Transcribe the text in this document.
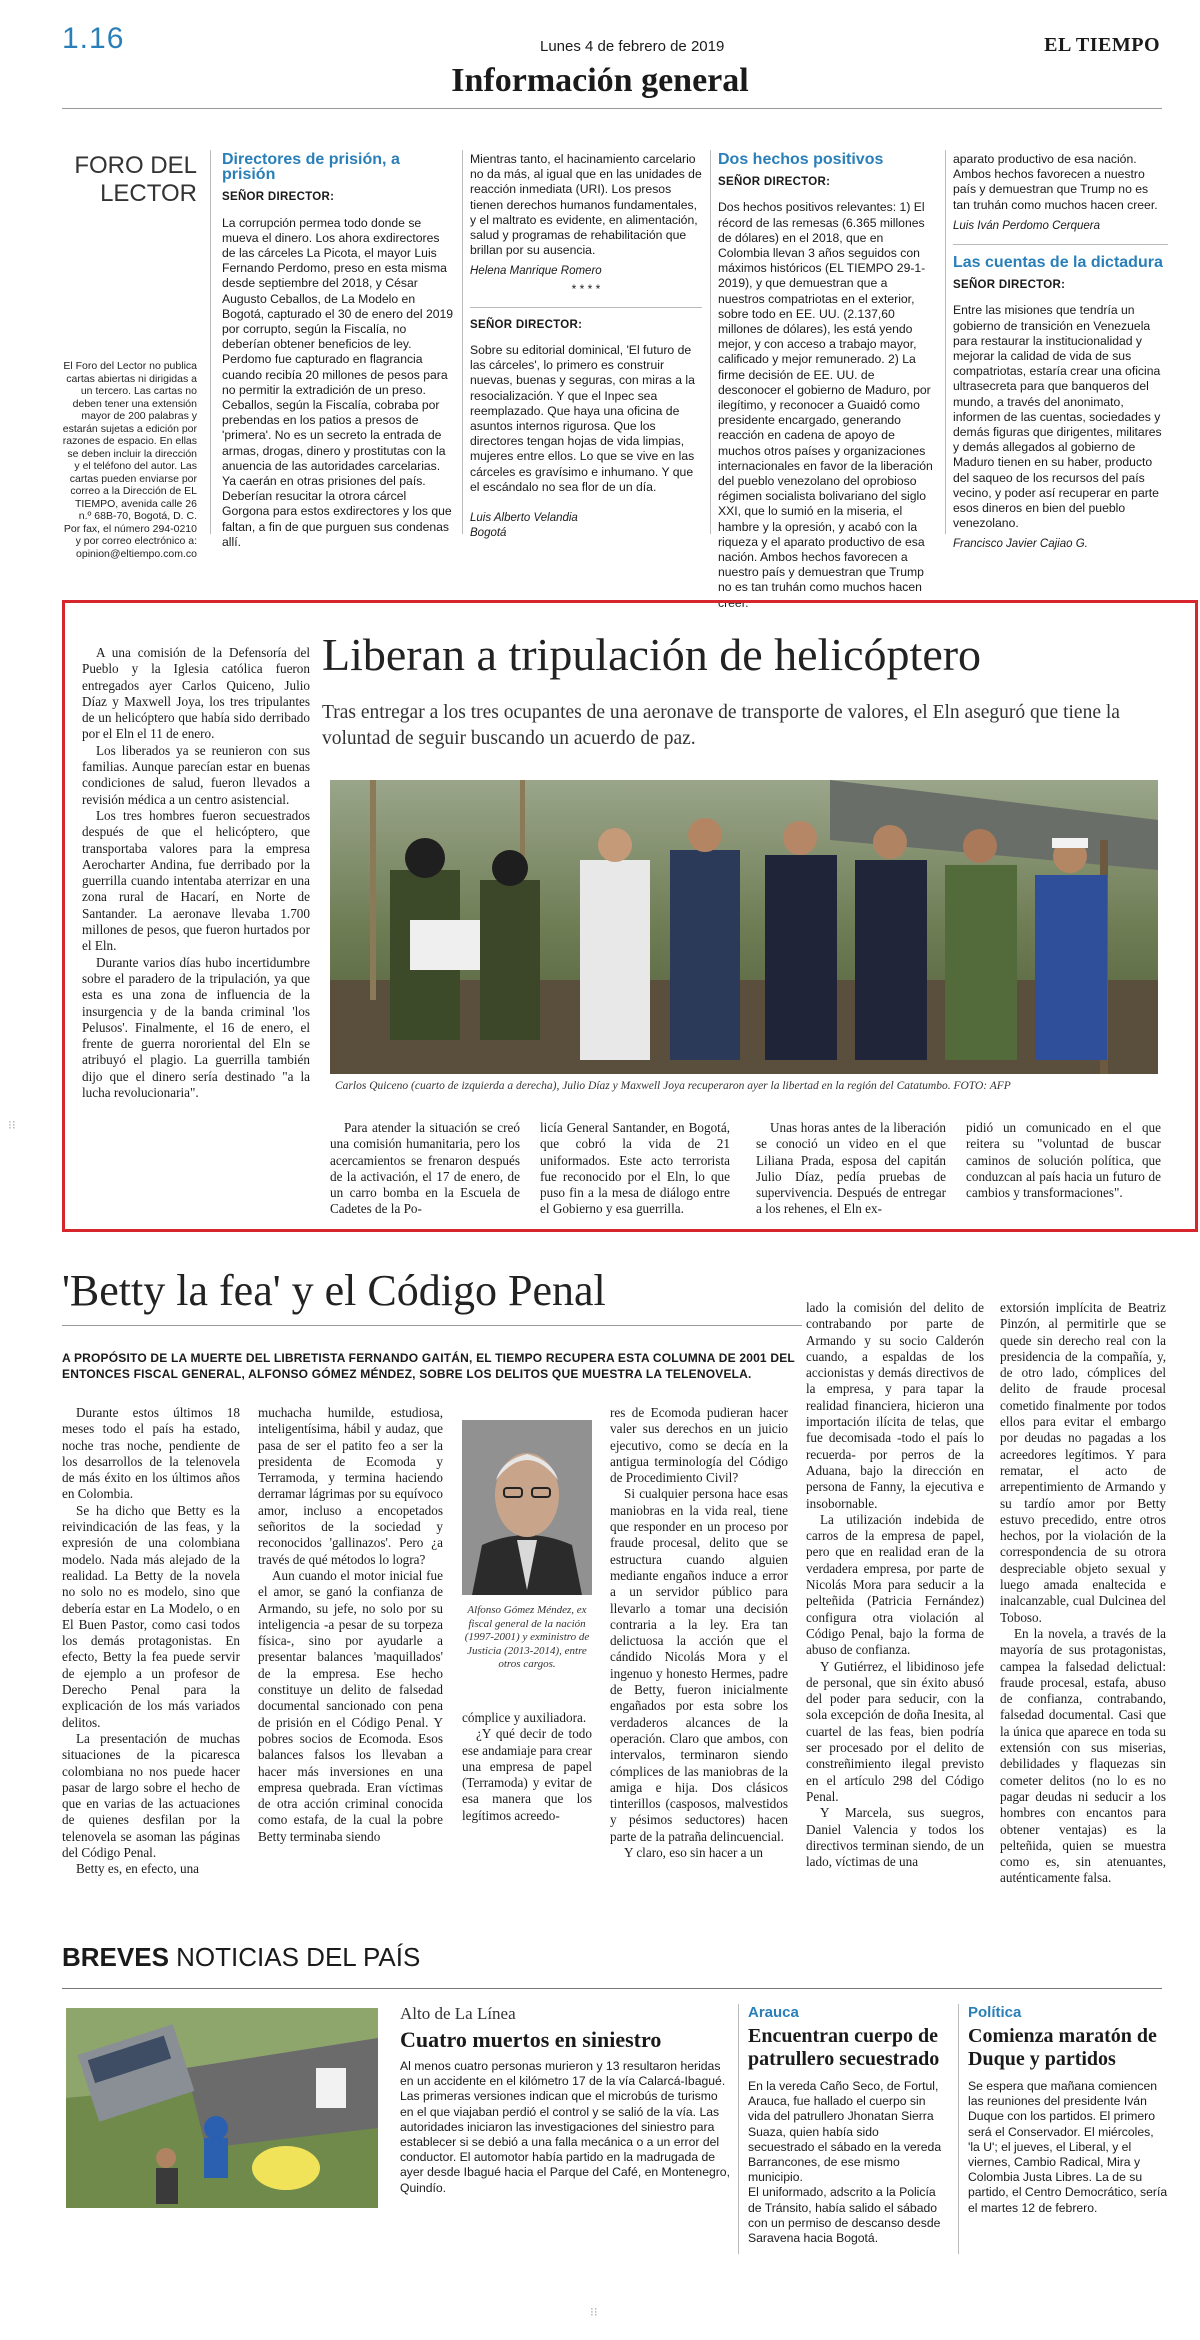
1.16	Lunes 4 de febrero de 2019	EL TIEMPO
Información general
FORO DEL LECTOR
El Foro del Lector no publica cartas abiertas ni dirigidas a un tercero. Las cartas no deben tener una extensión mayor de 200 palabras y estarán sujetas a edición por razones de espacio. En ellas se deben incluir la dirección y el teléfono del autor. Las cartas pueden enviarse por correo a la Dirección de EL TIEMPO, avenida calle 26 n.º 68B-70, Bogotá, D. C. Por fax, el número 294-0210 y por correo electrónico a: opinion@eltiempo.com.co
Directores de prisión, a prisión
SEÑOR DIRECTOR:
La corrupción permea todo donde se mueva el dinero. Los ahora exdirectores de las cárceles La Picota, el mayor Luis Fernando Perdomo, preso en esta misma desde septiembre del 2018, y César Augusto Ceballos, de La Modelo en Bogotá, capturado el 30 de enero del 2019 por corrupto, según la Fiscalía, no deberían obtener beneficios de ley. Perdomo fue capturado en flagrancia cuando recibía 20 millones de pesos para no permitir la extradición de un preso. Ceballos, según la Fiscalía, cobraba por prebendas en los patios a presos de 'primera'. No es un secreto la entrada de armas, drogas, dinero y prostitutas con la anuencia de las autoridades carcelarias. Ya caerán en otras prisiones del país. Deberían resucitar la otrora cárcel Gorgona para estos exdirectores y los que faltan, a fin de que purguen sus condenas allí.
Mientras tanto, el hacinamiento carcelario no da más, al igual que en las unidades de reacción inmediata (URI). Los presos tienen derechos humanos fundamentales, y el maltrato es evidente, en alimentación, salud y programas de rehabilitación que brillan por su ausencia.
Helena Manrique Romero
* * * *
SEÑOR DIRECTOR:
Sobre su editorial dominical, 'El futuro de las cárceles', lo primero es construir nuevas, buenas y seguras, con miras a la resocialización. Y que el Inpec sea reemplazado. Que haya una oficina de asuntos internos rigurosa. Que los directores tengan hojas de vida limpias, mujeres entre ellos. Lo que se vive en las cárceles es gravísimo e inhumano. Y que el escándalo no sea flor de un día.
Luis Alberto Velandia
Bogotá
Dos hechos positivos
SEÑOR DIRECTOR:
Dos hechos positivos relevantes: 1) El récord de las remesas (6.365 millones de dólares) en el 2018, que en Colombia llevan 3 años seguidos con máximos históricos (EL TIEMPO 29-1-2019), y que demuestran que a nuestros compatriotas en el exterior, sobre todo en EE. UU. (2.137,60 millones de dólares), les está yendo mejor, y con acceso a trabajo mayor, calificado y mejor remunerado. 2) La firme decisión de EE. UU. de desconocer el gobierno de Maduro, por ilegítimo, y reconocer a Guaidó como presidente encargado, generando reacción en cadena de apoyo de muchos otros países y organizaciones internacionales en favor de la liberación del pueblo venezolano del oprobioso régimen socialista bolivariano del siglo XXI, que lo sumió en la miseria, el hambre y la opresión, y acabó con la riqueza y el aparato productivo de esa nación. Ambos hechos favorecen a nuestro país y demuestran que Trump no es tan truhán como muchos hacen creer.
aparato productivo de esa nación. Ambos hechos favorecen a nuestro país y demuestran que Trump no es tan truhán como muchos hacen creer.
Luis Iván Perdomo Cerquera
Las cuentas de la dictadura
SEÑOR DIRECTOR:
Entre las misiones que tendría un gobierno de transición en Venezuela para restaurar la institucionalidad y mejorar la calidad de vida de sus compatriotas, estaría crear una oficina ultrasecreta para que banqueros del mundo, a través del anonimato, informen de las cuentas, sociedades y demás figuras que dirigentes, militares y demás allegados al gobierno de Maduro tienen en su haber, producto del saqueo de los recursos del país vecino, y poder así recuperar en parte esos dineros en bien del pueblo venezolano.
Francisco Javier Cajiao G.
Liberan a tripulación de helicóptero
Tras entregar a los tres ocupantes de una aeronave de transporte de valores, el Eln aseguró que tiene la voluntad de seguir buscando un acuerdo de paz.

A una comisión de la Defensoría del Pueblo y la Iglesia católica fueron entregados ayer Carlos Quiceno, Julio Díaz y Maxwell Joya, los tres tripulantes de un helicóptero que había sido derribado por el Eln el 11 de enero.

Los liberados ya se reunieron con sus familias. Aunque parecían estar en buenas condiciones de salud, fueron llevados a revisión médica a un centro asistencial.

Los tres hombres fueron secuestrados después de que el helicóptero, que transportaba valores para la empresa Aerocharter Andina, fue derribado por la guerrilla cuando intentaba aterrizar en una zona rural de Hacarí, en Norte de Santander. La aeronave llevaba 1.700 millones de pesos, que fueron hurtados por el Eln.

Durante varios días hubo incertidumbre sobre el paradero de la tripulación, ya que esta es una zona de influencia de la insurgencia y de la banda criminal 'los Pelusos'. Finalmente, el 16 de enero, el frente de guerra nororiental del Eln se atribuyó el plagio. La guerrilla también dijo que el dinero sería destinado "a la lucha revolucionaria".	Carlos Quiceno (cuarto de izquierda a derecha), Julio Díaz y Maxwell Joya recuperaron ayer la libertad en la región del Catatumbo. FOTO: AFP

Para atender la situación se creó una comisión humanitaria, pero los acercamientos se frenaron después de la activación, el 17 de enero, de un carro bomba en la Escuela de Cadetes de la Po-

licía General Santander, en Bogotá, que cobró la vida de 21 uniformados. Este acto terrorista fue reconocido por el Eln, lo que puso fin a la mesa de diálogo entre el Gobierno y esa guerrilla.

Unas horas antes de la liberación se conoció un video en el que Liliana Prada, esposa del capitán Julio Díaz, pedía pruebas de supervivencia. Después de entregar a los rehenes, el Eln ex-

pidió un comunicado en el que reitera su "voluntad de buscar caminos de solución política, que conduzcan al país hacia un futuro de cambios y transformaciones".
'Betty la fea' y el Código Penal
A PROPÓSITO DE LA MUERTE DEL LIBRETISTA FERNANDO GAITÁN, EL TIEMPO RECUPERA ESTA COLUMNA DE 2001 DEL ENTONCES FISCAL GENERAL, ALFONSO GÓMEZ MÉNDEZ, SOBRE LOS DELITOS QUE MUESTRA LA TELENOVELA.

Durante estos últimos 18 meses todo el país ha estado, noche tras noche, pendiente de los desarrollos de la telenovela de más éxito en los últimos años en Colombia.

Se ha dicho que Betty es la reivindicación de las feas, y la expresión de una colombiana modelo. Nada más alejado de la realidad. La Betty de la novela no solo no es modelo, sino que debería estar en La Modelo, o en El Buen Pastor, como casi todos los demás protagonistas. En efecto, Betty la fea puede servir de ejemplo a un profesor de Derecho Penal para la explicación de los más variados delitos.

La presentación de muchas situaciones de la picaresca colombiana no nos puede hacer pasar de largo sobre el hecho de que en varias de las actuaciones de quienes desfilan por la telenovela se asoman las páginas del Código Penal.

Betty es, en efecto, una

muchacha humilde, estudiosa, inteligentísima, hábil y audaz, que pasa de ser el patito feo a ser la presidenta de Ecomoda y Terramoda, y termina haciendo derramar lágrimas por su equívoco amor, incluso a encopetados señoritos de la sociedad y reconocidos 'gallinazos'. Pero ¿a través de qué métodos lo logra?

Aun cuando el motor inicial fue el amor, se ganó la confianza de Armando, su jefe, no solo por su inteligencia -a pesar de su torpeza física-, sino por ayudarle a presentar balances 'maquillados' de la empresa. Ese hecho constituye un delito de falsedad documental sancionado con pena de prisión en el Código Penal. Y pobres socios de Ecomoda. Esos balances falsos los llevaban a hacer más inversiones en una empresa quebrada. Eran víctimas de otra acción criminal conocida como estafa, de la cual la pobre Betty terminaba siendo

Alfonso Gómez Méndez, ex fiscal general de la nación (1997-2001) y exministro de Justicia (2013-2014), entre otros cargos.
cómplice y auxiliadora.

¿Y qué decir de todo ese andamiaje para crear una empresa de papel (Terramoda) y evitar de esa manera que los legítimos acreedo-

res de Ecomoda pudieran hacer valer sus derechos en un juicio ejecutivo, como se decía en la antigua terminología del Código de Procedimiento Civil?

Si cualquier persona hace esas maniobras en la vida real, tiene que responder en un proceso por fraude procesal, delito que se estructura cuando alguien mediante engaños induce a error a un servidor público para llevarlo a tomar una decisión contraria a la ley. Era tan delictuosa la acción que el cándido Nicolás Mora y el ingenuo y honesto Hermes, padre de Betty, fueron inicialmente engañados por esta sobre los verdaderos alcances de la operación. Claro que ambos, con intervalos, terminaron siendo cómplices de las maniobras de la amiga e hija. Dos clásicos tinterillos (casposos, malvestidos y pésimos seductores) hacen parte de la patraña delincuencial.

Y claro, eso sin hacer a un

lado la comisión del delito de contrabando por parte de Armando y su socio Calderón cuando, a espaldas de los accionistas y demás directivos de la empresa, y para tapar la realidad financiera, hicieron una importación ilícita de telas, que fue decomisada -todo el país lo recuerda- por perros de la Aduana, bajo la dirección en persona de Fanny, la ejecutiva e insobornable.

La utilización indebida de carros de la empresa de papel, pero que en realidad eran de la verdadera empresa, por parte de Nicolás Mora para seducir a la pelteñida (Patricia Fernández) configura otra violación al Código Penal, bajo la forma de abuso de confianza.

Y Gutiérrez, el libidinoso jefe de personal, que sin éxito abusó del poder para seducir, con la sola excepción de doña Inesita, al cuartel de las feas, bien podría ser procesado por el delito de constreñimiento ilegal previsto en el artículo 298 del Código Penal.

Y Marcela, sus suegros, Daniel Valencia y todos los directivos terminan siendo, de un lado, víctimas de una

extorsión implícita de Beatriz Pinzón, al permitirle que se quede sin derecho real con la presidencia de la compañía, y, de otro lado, cómplices del delito de fraude procesal cometido finalmente por todos ellos para evitar el embargo por deudas no pagadas a los acreedores legítimos. Y para rematar, el acto de arrepentimiento de Armando y su tardío amor por Betty estuvo precedido, entre otros hechos, por la violación de la correspondencia de su otrora despreciable objeto sexual y luego amada enaltecida e inalcanzable, cual Dulcinea del Toboso.

En la novela, a través de la mayoría de sus protagonistas, campea la falsedad delictual: fraude procesal, estafa, abuso de confianza, contrabando, falsedad documental. Casi que la única que aparece en toda su extensión con sus miserias, debilidades y flaquezas sin cometer delitos (no lo es no pagar deudas ni seducir a los hombres con encantos para obtener ventajas) es la pelteñida, quien se muestra como es, sin atenuantes, auténticamente falsa.

BREVES NOTICIAS DEL PAÍS
Alto de La Línea
Cuatro muertos en siniestro
Al menos cuatro personas murieron y 13 resultaron heridas en un accidente en el kilómetro 17 de la vía Calarcá-Ibagué. Las primeras versiones indican que el microbús de turismo en el que viajaban perdió el control y se salió de la vía. Las autoridades iniciaron las investigaciones del siniestro para establecer si se debió a una falla mecánica o a un error del conductor. El automotor había partido en la madrugada de ayer desde Ibagué hacia el Parque del Café, en Montenegro, Quindío.
Arauca
Encuentran cuerpo de patrullero secuestrado
En la vereda Caño Seco, de Fortul, Arauca, fue hallado el cuerpo sin vida del patrullero Jhonatan Sierra Suaza, quien había sido secuestrado el sábado en la vereda Barrancones, de ese mismo municipio.
El uniformado, adscrito a la Policía de Tránsito, había salido el sábado con un permiso de descanso desde Saravena hacia Bogotá.
Política
Comienza maratón de Duque y partidos
Se espera que mañana comiencen las reuniones del presidente Iván Duque con los partidos. El primero será el Conservador. El miércoles, 'la U'; el jueves, el Liberal, y el viernes, Cambio Radical, Mira y Colombia Justa Libres. La de su partido, el Centro Democrático, sería el martes 12 de febrero.
⁝⁝
⁝⁝
